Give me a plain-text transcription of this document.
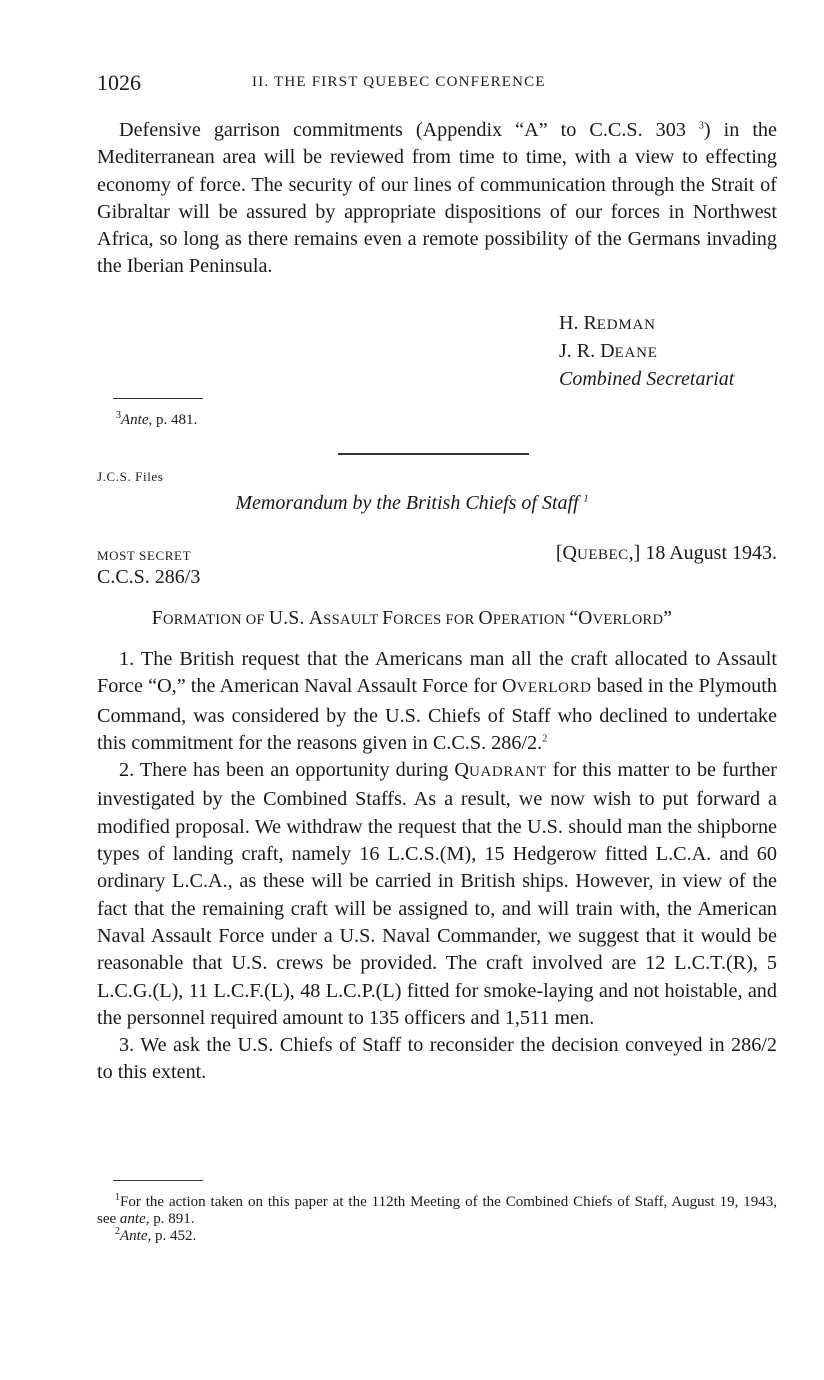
1026	II. THE FIRST QUEBEC CONFERENCE

Defensive garrison commitments (Appendix “A” to C.C.S. 303 $^3$) in the Mediterranean area will be reviewed from time to time, with a view to effecting economy of force. The security of our lines of communication through the Strait of Gibraltar will be assured by appropriate dispositions of our forces in Northwest Africa, so long as there remains even a remote possibility of the Germans invading the Iberian Peninsula.

H. REDMAN
J. R. DEANE
Combined Secretariat
$^3$Ante, p. 481.
J.C.S. Files
Memorandum by the British Chiefs of Staff $^1$
MOST SECRET	[QUEBEC,] 18 August 1943.
C.C.S. 286/3
FORMATION OF U.S. ASSAULT FORCES FOR OPERATION “OVERLORD”

1. The British request that the Americans man all the craft allocated to Assault Force “O,” the American Naval Assault Force for OVERLORD based in the Plymouth Command, was considered by the U.S. Chiefs of Staff who declined to undertake this commitment for the reasons given in C.C.S. 286/2.$^2$

2. There has been an opportunity during QUADRANT for this matter to be further investigated by the Combined Staffs. As a result, we now wish to put forward a modified proposal. We withdraw the request that the U.S. should man the shipborne types of landing craft, namely 16 L.C.S.(M), 15 Hedgerow fitted L.C.A. and 60 ordinary L.C.A., as these will be carried in British ships. However, in view of the fact that the remaining craft will be assigned to, and will train with, the American Naval Assault Force under a U.S. Naval Commander, we suggest that it would be reasonable that U.S. crews be provided. The craft involved are 12 L.C.T.(R), 5 L.C.G.(L), 11 L.C.F.(L), 48 L.C.P.(L) fitted for smoke-laying and not hoistable, and the personnel required amount to 135 officers and 1,511 men.

3. We ask the U.S. Chiefs of Staff to reconsider the decision conveyed in 286/2 to this extent.

$^1$For the action taken on this paper at the 112th Meeting of the Combined Chiefs of Staff, August 19, 1943, see ante, p. 891.
$^2$Ante, p. 452.
